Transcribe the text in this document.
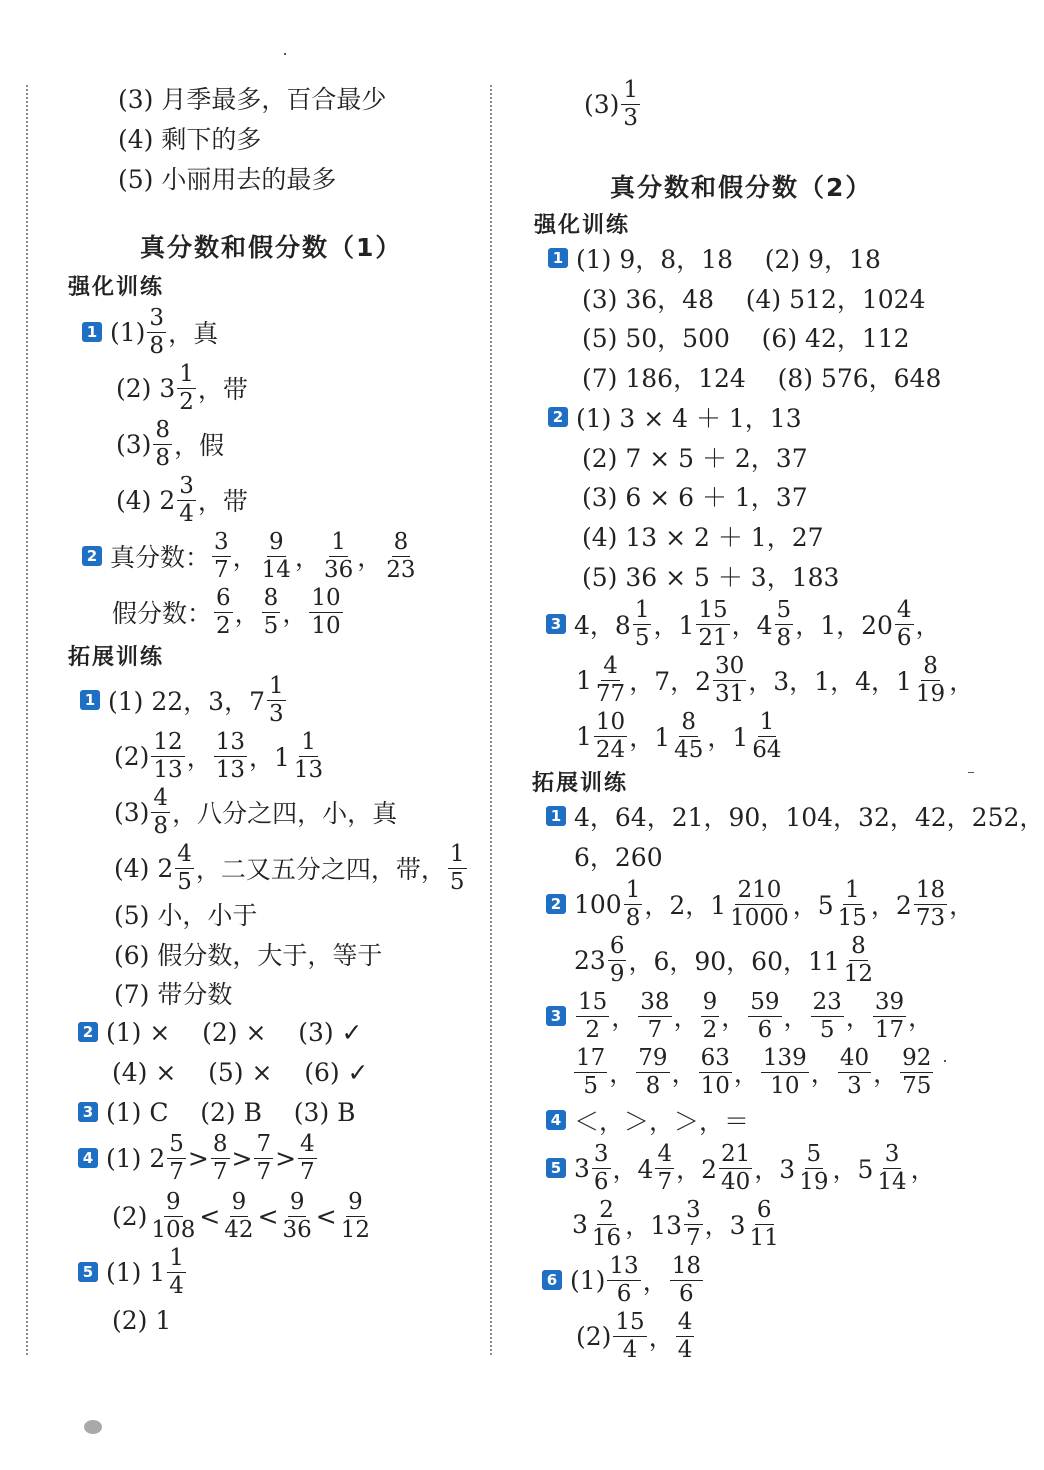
(3) 月季最多，百合最少
(4) 剩下的多
(5) 小丽用去的最多
真分数和假分数（1）
强化训练
1 $(1) \frac{3}{8}$ ，真
(2) $3 \frac{1}{2}$ ，带
$(3) \frac{8}{8}$ ，假
(4) $2 \frac{3}{4}$ ，带
2 真分数： $\frac{3}{7}$ ， $\frac{9}{14}$ ， $\frac{1}{36}$ ， $\frac{8}{23}$
假分数： $\frac{6}{2}$ ， $\frac{8}{5}$ ， $\frac{10}{10}$
拓展训练
1 (1) 22，3，$7 \frac{1}{3}$
$(2) \frac{12}{13}$ ， $\frac{13}{13}$ ，$1 \frac{1}{13}$
$(3) \frac{4}{8}$ ，八分之四，小，真
(4) $2 \frac{4}{5}$ ，二又五分之四，带， $\frac{1}{5}$
(5) 小，小于
(6) 假分数，大于，等于
(7) 带分数
2 (1) ×    (2) ×    (3) ✓
(4) ×    (5) ×    (6) ✓
3 (1) C    (2) B    (3) B
4 (1) $2 \frac{5}{7} > \frac{8}{7} > \frac{7}{7} > \frac{4}{7}$
$(2) \frac{9}{108} < \frac{9}{42} < \frac{9}{36} < \frac{9}{12}$
5 (1) $1 \frac{1}{4}$
(2) 1
$(3) \frac{1}{3}$
真分数和假分数（2）
强化训练
1 (1) 9，8，18    (2) 9，18
(3) 36，48    (4) 512，1024
(5) 50，500    (6) 42，112
(7) 186，124    (8) 576，648
2 (1) 3 × 4 ＋ 1，13
(2) 7 × 5 ＋ 2，37
(3) 6 × 6 ＋ 1，37
(4) 13 × 2 ＋ 1，27
(5) 36 × 5 ＋ 3，183
3 4，$8 \frac{1}{5}$ ，$1 \frac{15}{21}$ ，$4 \frac{5}{8}$ ，1，$20 \frac{4}{6}$ ，
$1 \frac{4}{77}$ ，7，$2 \frac{30}{31}$ ，3，1，4，$1 \frac{8}{19}$ ，
$1 \frac{10}{24}$ ，$1 \frac{8}{45}$ ，$1 \frac{1}{64}$
拓展训练
1 4，64，21，90，104，32，42，252，
6，260
2 $100 \frac{1}{8}$ ，2，$1 \frac{210}{1000}$ ，$5 \frac{1}{15}$ ，$2 \frac{18}{73}$ ，
$23 \frac{6}{9}$ ，6，90，60，$11 \frac{8}{12}$
$3 \frac{15}{2}$ ， $\frac{38}{7}$ ， $\frac{9}{2}$ ， $\frac{59}{6}$ ， $\frac{23}{5}$ ， $\frac{39}{17}$ ，
$\frac{17}{5}$ ， $\frac{79}{8}$ ， $\frac{63}{10}$ ， $\frac{139}{10}$ ， $\frac{40}{3}$ ， $\frac{92}{75}$
4 ＜，＞，＞，＝
5 $3 \frac{3}{6}$ ，$4 \frac{4}{7}$ ，$2 \frac{21}{40}$ ，$3 \frac{5}{19}$ ，$5 \frac{3}{14}$ ，
$3 \frac{2}{16}$ ，$13 \frac{3}{7}$ ，$3 \frac{6}{11}$
6 $(1) \frac{13}{6}$ ， $\frac{18}{6}$
$(2) \frac{15}{4}$ ， $\frac{4}{4}$
